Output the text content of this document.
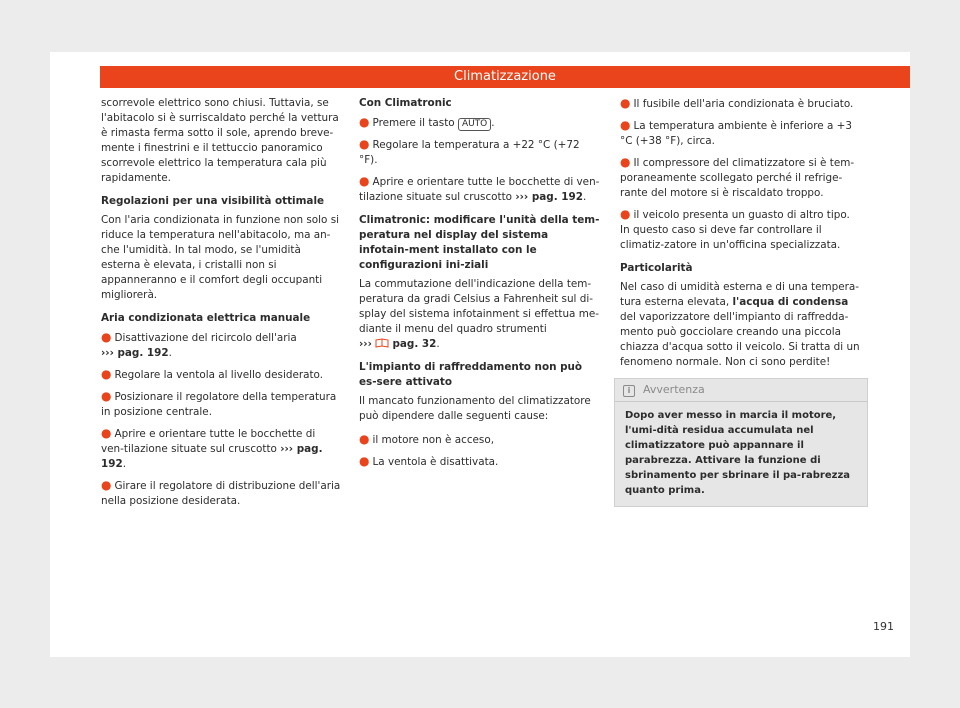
Climatizzazione

scorrevole elettrico sono chiusi. Tuttavia, se l'abitacolo si è surriscaldato perché la vettura è rimasta ferma sotto il sole, aprendo breve-mente i finestrini e il tettuccio panoramico scorrevole elettrico la temperatura cala più rapidamente.

Regolazioni per una visibilità ottimale

Con l'aria condizionata in funzione non solo si riduce la temperatura nell'abitacolo, ma an-che l'umidità. In tal modo, se l'umidità esterna è elevata, i cristalli non si appanneranno e il comfort degli occupanti migliorerà.

Aria condizionata elettrica manuale
● Disattivazione del ricircolo dell'aria
››› pag. 192.
● Regolare la ventola al livello desiderato.
● Posizionare il regolatore della temperatura in posizione centrale.
● Aprire e orientare tutte le bocchette di ven-tilazione situate sul cruscotto ››› pag. 192.
● Girare il regolatore di distribuzione dell'aria nella posizione desiderata.
Con Climatronic
● Premere il tasto AUTO .
● Regolare la temperatura a +22 °C (+72 °F).
● Aprire e orientare tutte le bocchette di ven-tilazione situate sul cruscotto ››› pag. 192.
Climatronic: modificare l'unità della tem-peratura nel display del sistema infotain-ment installato con le configurazioni ini-ziali

La commutazione dell'indicazione della tem-peratura da gradi Celsius a Fahrenheit sul di-splay del sistema infotainment si effettua me-diante il menu del quadro strumenti
››› pag. 32.

L'impianto di raffreddamento non può es-sere attivato

Il mancato funzionamento del climatizzatore può dipendere dalle seguenti cause:

● il motore non è acceso,
● La ventola è disattivata.
● Il fusibile dell'aria condizionata è bruciato.
● La temperatura ambiente è inferiore a +3 °C (+38 °F), circa.
● Il compressore del climatizzatore si è tem-poraneamente scollegato perché il refrige-rante del motore si è riscaldato troppo.
● il veicolo presenta un guasto di altro tipo. In questo caso si deve far controllare il climatiz-zatore in un'officina specializzata.
Particolarità

Nel caso di umidità esterna e di una tempera-tura esterna elevata, l'acqua di condensa del vaporizzatore dell'impianto di raffredda-mento può gocciolare creando una piccola chiazza d'acqua sotto il veicolo. Si tratta di un fenomeno normale. Non ci sono perdite!

i Avvertenza
Dopo aver messo in marcia il motore, l'umi-dità residua accumulata nel climatizzatore può appannare il parabrezza. Attivare la funzione di sbrinamento per sbrinare il pa-rabrezza quanto prima.
191
